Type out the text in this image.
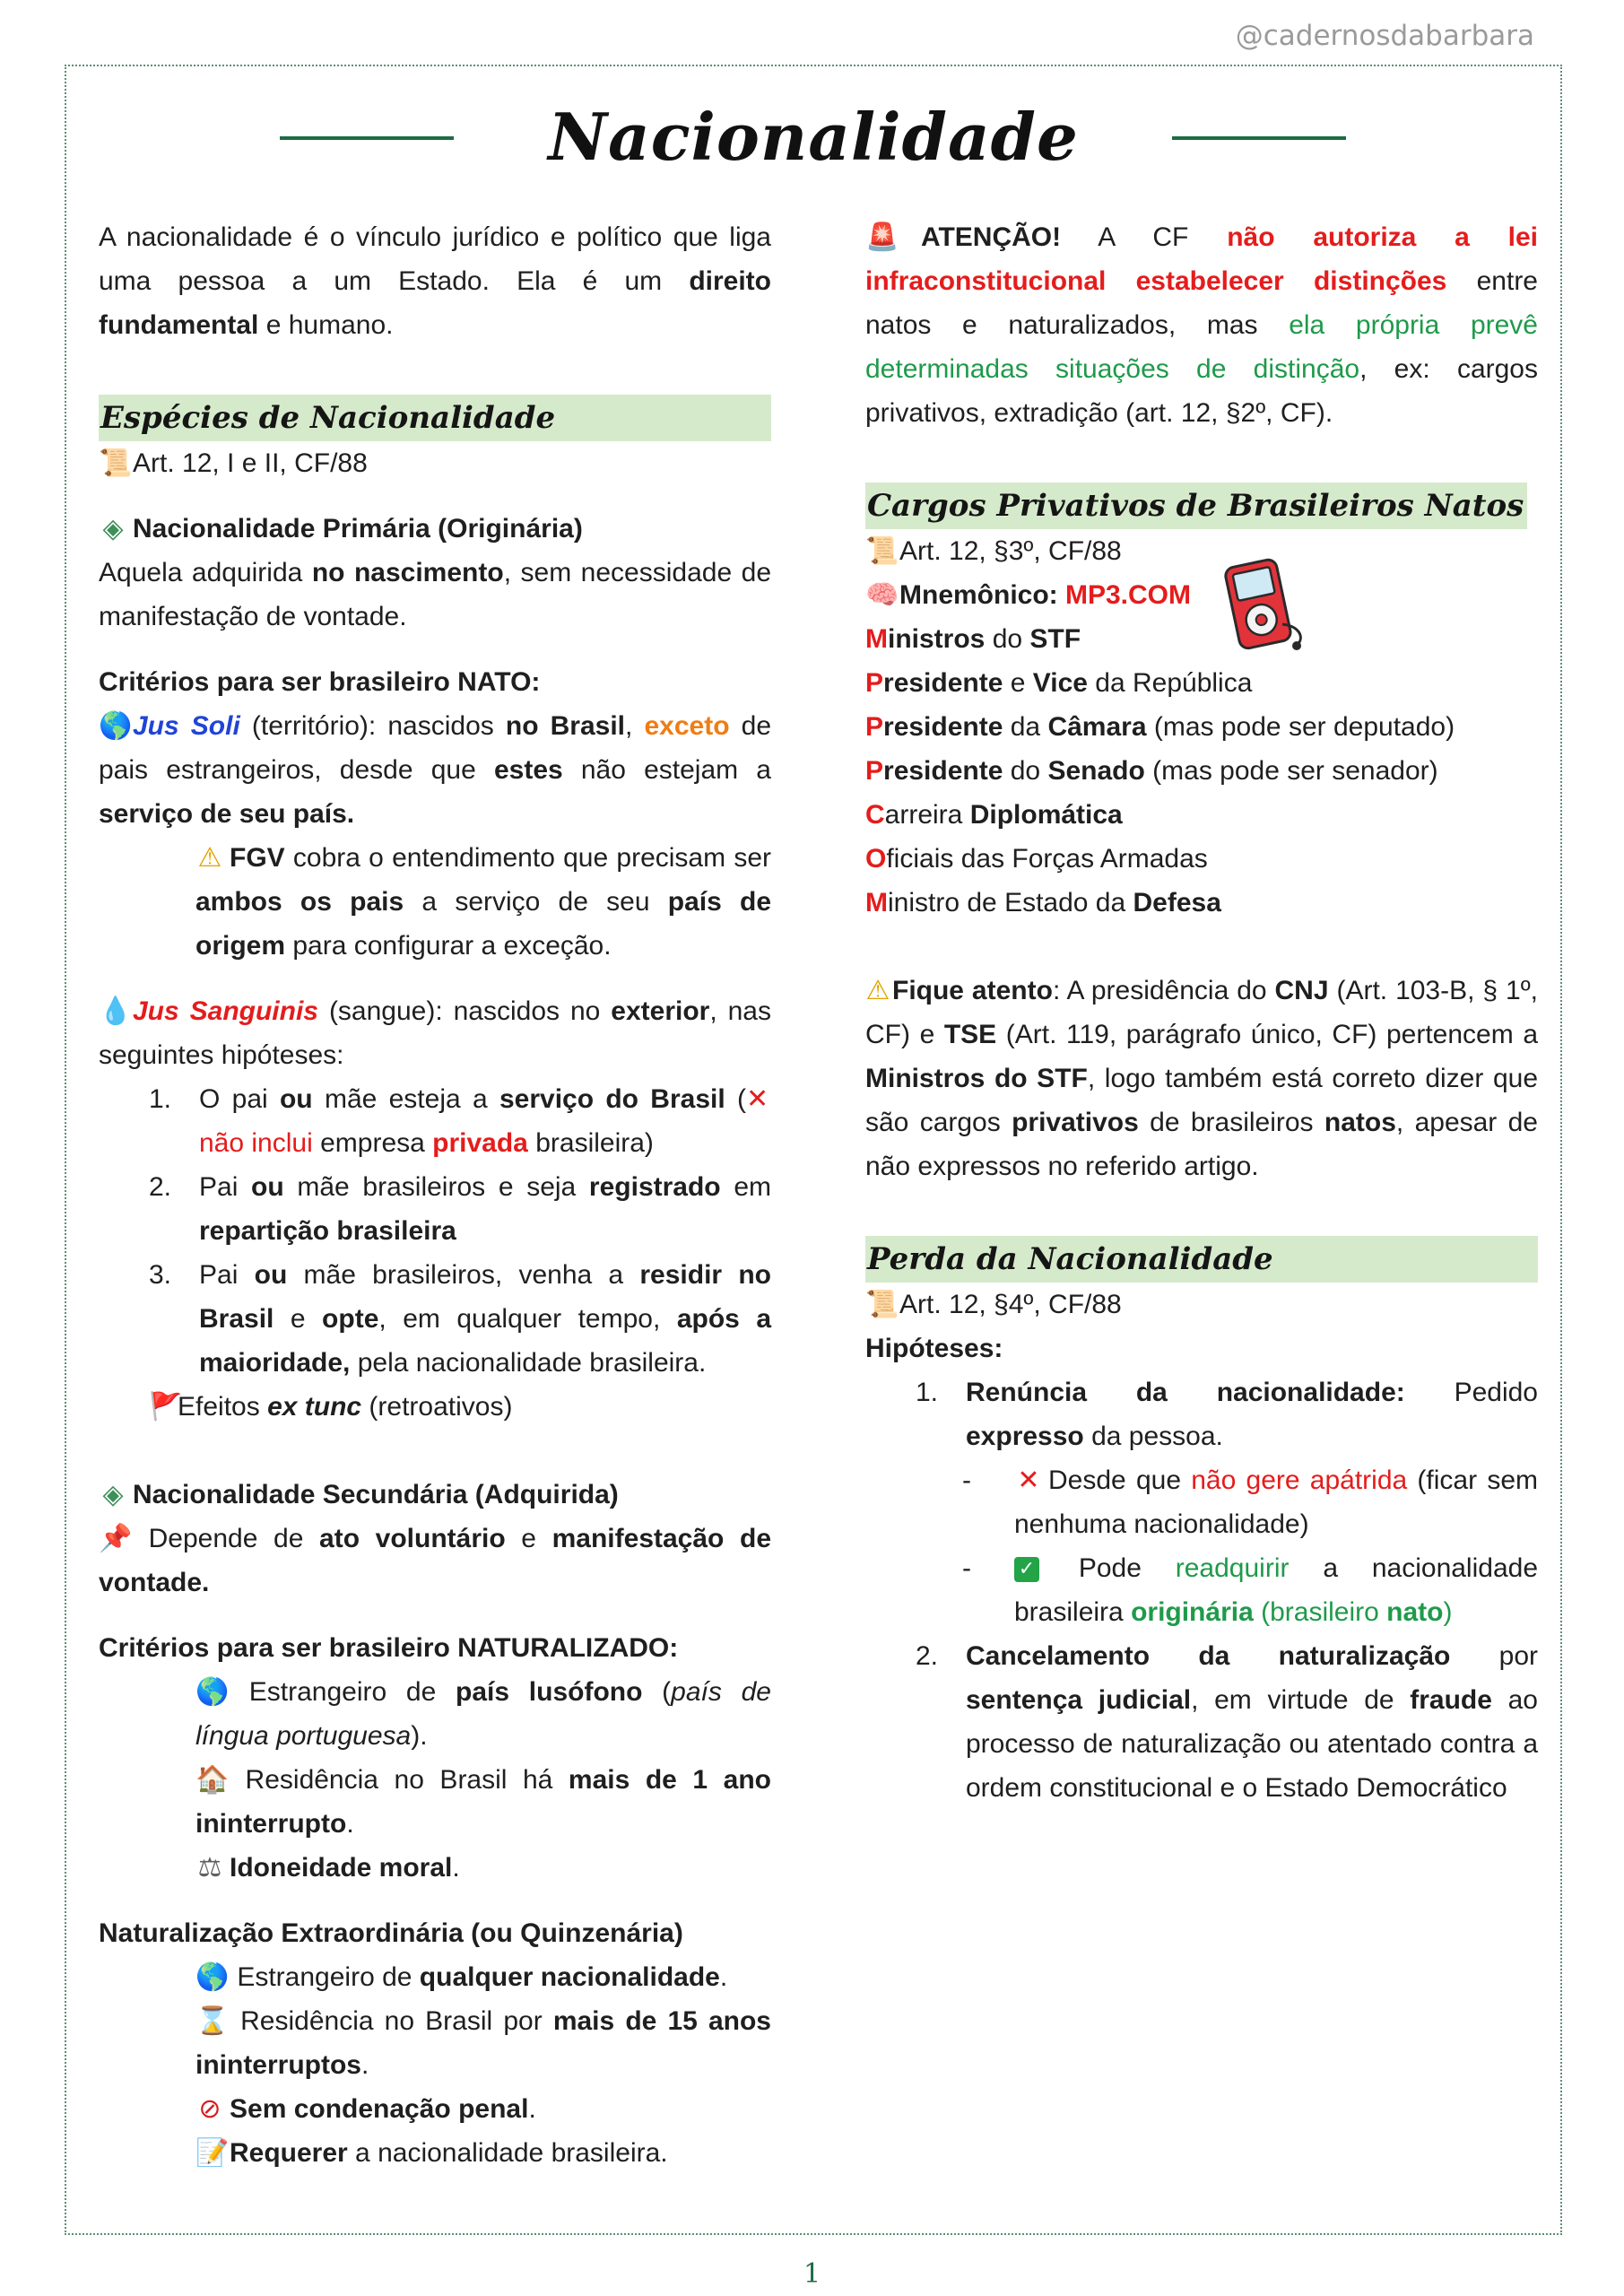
@cadernosdabarbara
Nacionalidade
A nacionalidade é o vínculo jurídico e político que liga uma pessoa a um Estado. Ela é um direito fundamental e humano.
Espécies de Nacionalidade
📜Art. 12, I e II, CF/88
◈ Nacionalidade Primária (Originária)
Aquela adquirida no nascimento, sem necessidade de manifestação de vontade.
Critérios para ser brasileiro NATO:
🌎Jus Soli (território): nascidos no Brasil, exceto de pais estrangeiros, desde que estes não estejam a serviço de seu país.
⚠ FGV cobra o entendimento que precisam ser ambos os pais a serviço de seu país de origem para configurar a exceção.
💧Jus Sanguinis (sangue): nascidos no exterior, nas seguintes hipóteses:
1. O pai ou mãe esteja a serviço do Brasil (✕não inclui empresa privada brasileira)
2. Pai ou mãe brasileiros e seja registrado em repartição brasileira
3. Pai ou mãe brasileiros, venha a residir no Brasil e opte, em qualquer tempo, após a maioridade, pela nacionalidade brasileira.
🚩Efeitos ex tunc (retroativos)
◈ Nacionalidade Secundária (Adquirida)
📌 Depende de ato voluntário e manifestação de vontade.
Critérios para ser brasileiro NATURALIZADO:
🌎 Estrangeiro de país lusófono (país de língua portuguesa).
🏠 Residência no Brasil há mais de 1 ano ininterrupto.
⚖ Idoneidade moral.
Naturalização Extraordinária (ou Quinzenária)
🌎 Estrangeiro de qualquer nacionalidade.
⌛ Residência no Brasil por mais de 15 anos ininterruptos.
⊘ Sem condenação penal.
📝Requerer a nacionalidade brasileira.
🚨 ATENÇÃO! A CF não autoriza a lei infraconstitucional estabelecer distinções entre natos e naturalizados, mas ela própria prevê determinadas situações de distinção, ex: cargos privativos, extradição (art. 12, §2º, CF).
Cargos Privativos de Brasileiros Natos
📜Art. 12, §3º, CF/88
🧠Mnemônico: MP3.COM
Ministros do STF
Presidente e Vice da República
Presidente da Câmara (mas pode ser deputado)
Presidente do Senado (mas pode ser senador)
Carreira Diplomática
Oficiais das Forças Armadas
Ministro de Estado da Defesa
⚠Fique atento: A presidência do CNJ (Art. 103-B, § 1º, CF) e TSE (Art. 119, parágrafo único, CF) pertencem a Ministros do STF, logo também está correto dizer que são cargos privativos de brasileiros natos, apesar de não expressos no referido artigo.
Perda da Nacionalidade
📜Art. 12, §4º, CF/88
Hipóteses:
1. Renúncia da nacionalidade: Pedido expresso da pessoa.
- ✕ Desde que não gere apátrida (ficar sem nenhuma nacionalidade)
- ✓ Pode readquirir a nacionalidade brasileira originária (brasileiro nato)
2. Cancelamento da naturalização por sentença judicial, em virtude de fraude ao processo de naturalização ou atentado contra a ordem constitucional e o Estado Democrático
1
